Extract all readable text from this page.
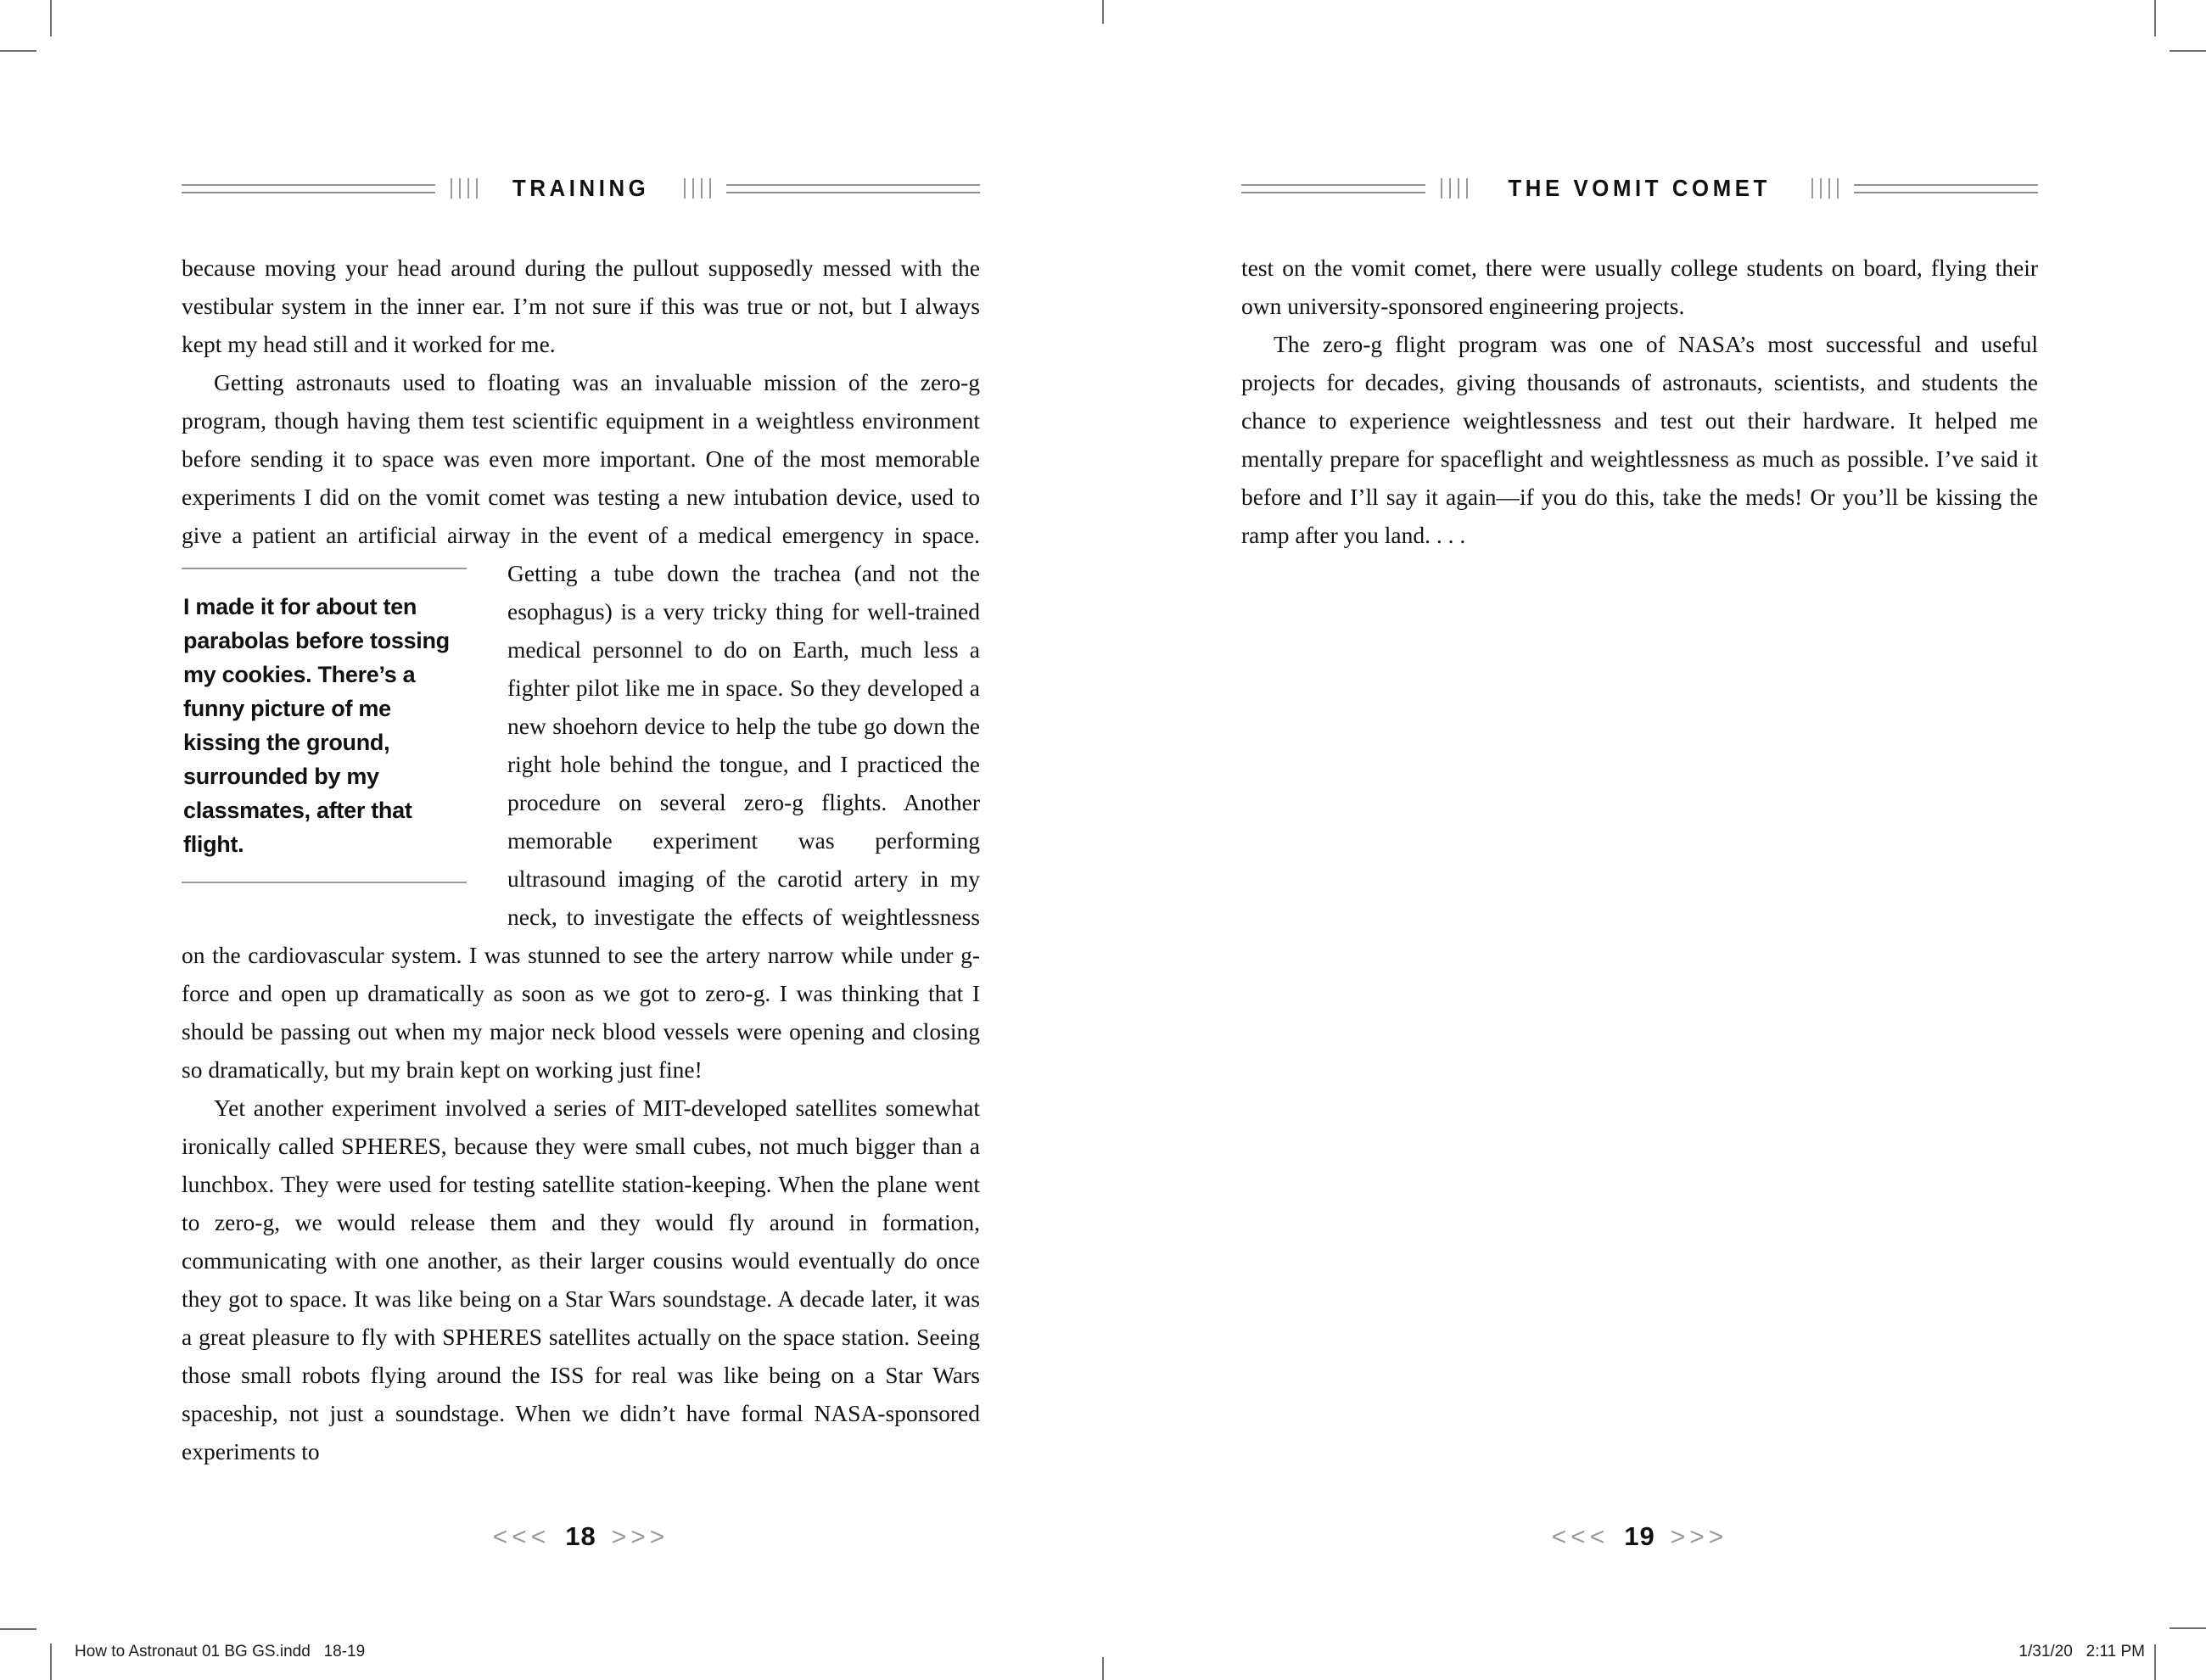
TRAINING
because moving your head around during the pullout supposedly messed with the vestibular system in the inner ear. I’m not sure if this was true or not, but I always kept my head still and it worked for me.
Getting astronauts used to floating was an invaluable mission of the zero-g program, though having them test scientific equipment in a weightless environment before sending it to space was even more important. One of the most memorable experiments I did on the vomit comet was testing a new intubation device, used to give a patient an artificial airway in the event of a medical emergency in space. Getting a tube down the trachea (and not
I made it for about ten parabolas before tossing my cookies. There’s a funny picture of me kissing the ground, surrounded by my classmates, after that flight.
the esophagus) is a very tricky thing for well-trained medical personnel to do on Earth, much less a fighter pilot like me in space. So they developed a new shoehorn device to help the tube go down the right hole behind the tongue, and I practiced the procedure on several zero-g flights. Another memorable experiment was performing ultrasound imaging of the carotid artery in my neck, to investigate the effects of weightlessness on the cardiovascular system. I was stunned to see the artery narrow while under g-force and open up dramatically as soon as we got to zero-g. I was thinking that I should be passing out when my major neck blood vessels were opening and closing so dramatically, but my brain kept on working just fine!
Yet another experiment involved a series of MIT-developed satellites somewhat ironically called SPHERES, because they were small cubes, not much bigger than a lunchbox. They were used for testing satellite station-keeping. When the plane went to zero-g, we would release them and they would fly around in formation, communicating with one another, as their larger cousins would eventually do once they got to space. It was like being on a Star Wars soundstage. A decade later, it was a great pleasure to fly with SPHERES satellites actually on the space station. Seeing those small robots flying around the ISS for real was like being on a Star Wars spaceship, not just a soundstage. When we didn’t have formal NASA-sponsored experiments to
<<< 18 >>>
THE VOMIT COMET
test on the vomit comet, there were usually college students on board, flying their own university-sponsored engineering projects.
The zero-g flight program was one of NASA’s most successful and useful projects for decades, giving thousands of astronauts, scientists, and students the chance to experience weightlessness and test out their hardware. It helped me mentally prepare for spaceflight and weightlessness as much as possible. I’ve said it before and I’ll say it again—if you do this, take the meds! Or you’ll be kissing the ramp after you land. . . .
<<< 19 >>>
How to Astronaut 01 BG GS.indd   18-19	1/31/20   2:11 PM
